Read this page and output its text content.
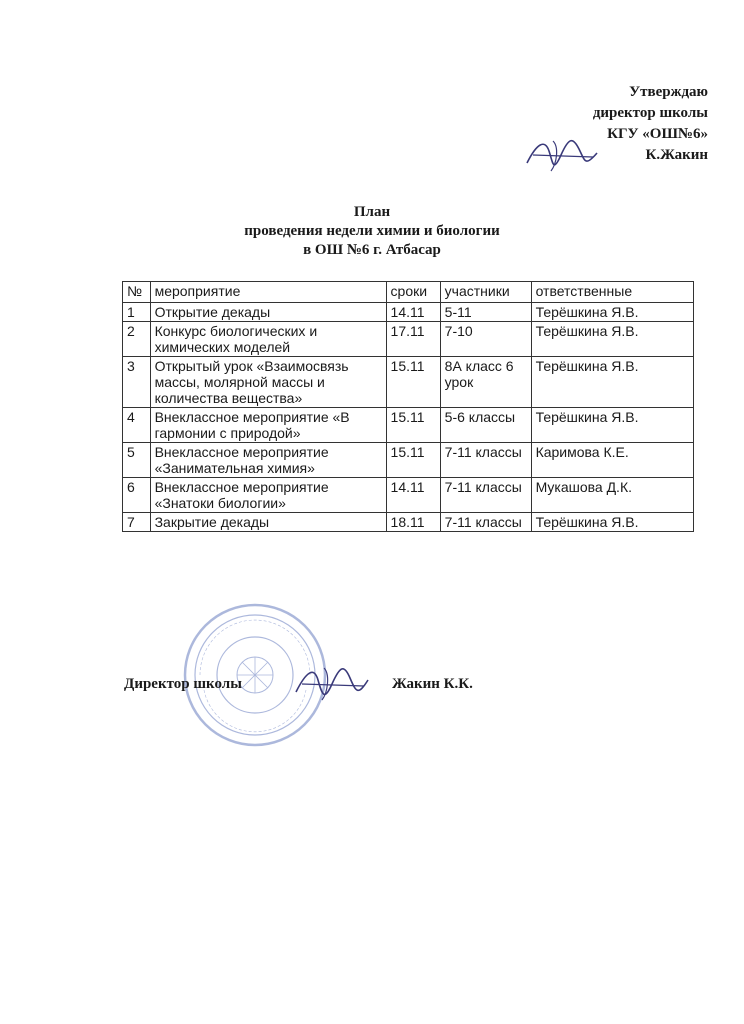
Утверждаю
директор школы
КГУ «ОШ№6»
К.Жакин
План
проведения недели химии и биологии
в ОШ №6 г. Атбасар
№	мероприятие	сроки	участники	ответственные
1	Открытие декады	14.11	5-11	Терёшкина Я.В.
2	Конкурс биологических и химических моделей	17.11	7-10	Терёшкина Я.В.
3	Открытый урок «Взаимосвязь массы, молярной массы и количества вещества»	15.11	8А класс 6 урок	Терёшкина Я.В.
4	Внеклассное мероприятие «В гармонии с природой»	15.11	5-6 классы	Терёшкина Я.В.
5	Внеклассное мероприятие «Занимательная химия»	15.11	7-11 классы	Каримова К.Е.
6	Внеклассное мероприятие «Знатоки биологии»	14.11	7-11 классы	Мукашова Д.К.
7	Закрытие декады	18.11	7-11 классы	Терёшкина Я.В.
Директор школы	Жакин К.К.
